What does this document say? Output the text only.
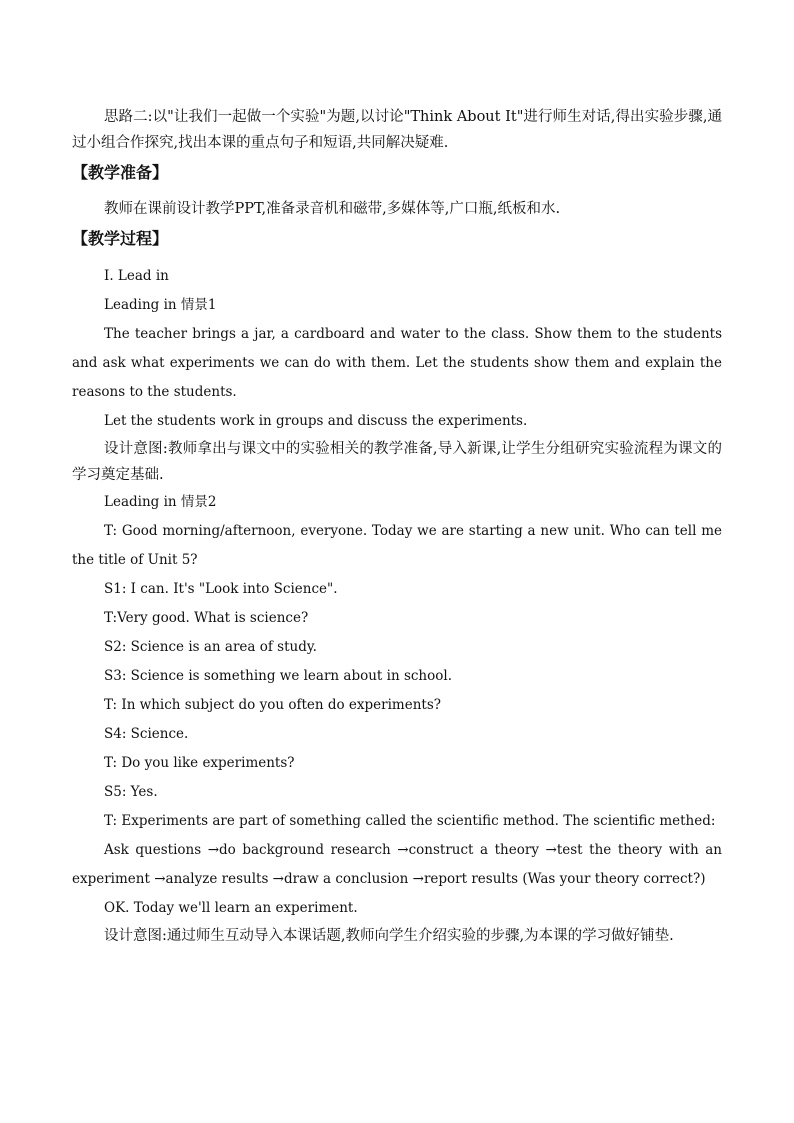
思路二:以"让我们一起做一个实验"为题,以讨论"Think About It"进行师生对话,得出实验步骤,通过小组合作探究,找出本课的重点句子和短语,共同解决疑难.

【教学准备】

教师在课前设计教学PPT,准备录音机和磁带,多媒体等,广口瓶,纸板和水.

【教学过程】

Ⅰ. Lead in

Leading in 情景1

The teacher brings a jar, a cardboard and water to the class. Show them to the students and ask what experiments we can do with them. Let the students show them and explain the reasons to the students.

Let the students work in groups and discuss the experiments.

设计意图:教师拿出与课文中的实验相关的教学准备,导入新课,让学生分组研究实验流程为课文的学习奠定基础.

Leading in 情景2

T: Good morning/afternoon, everyone. Today we are starting a new unit. Who can tell me the title of Unit 5?

S1: I can. It's "Look into Science".

T:Very good. What is science?

S2: Science is an area of study.

S3: Science is something we learn about in school.

T: In which subject do you often do experiments?

S4: Science.

T: Do you like experiments?

S5: Yes.

T: Experiments are part of something called the scientific method. The scientific methed:

Ask questions →do background research →construct a theory →test the theory with an experiment →analyze results →draw a conclusion →report results (Was your theory correct?)

OK. Today we'll learn an experiment.

设计意图:通过师生互动导入本课话题,教师向学生介绍实验的步骤,为本课的学习做好铺垫.
